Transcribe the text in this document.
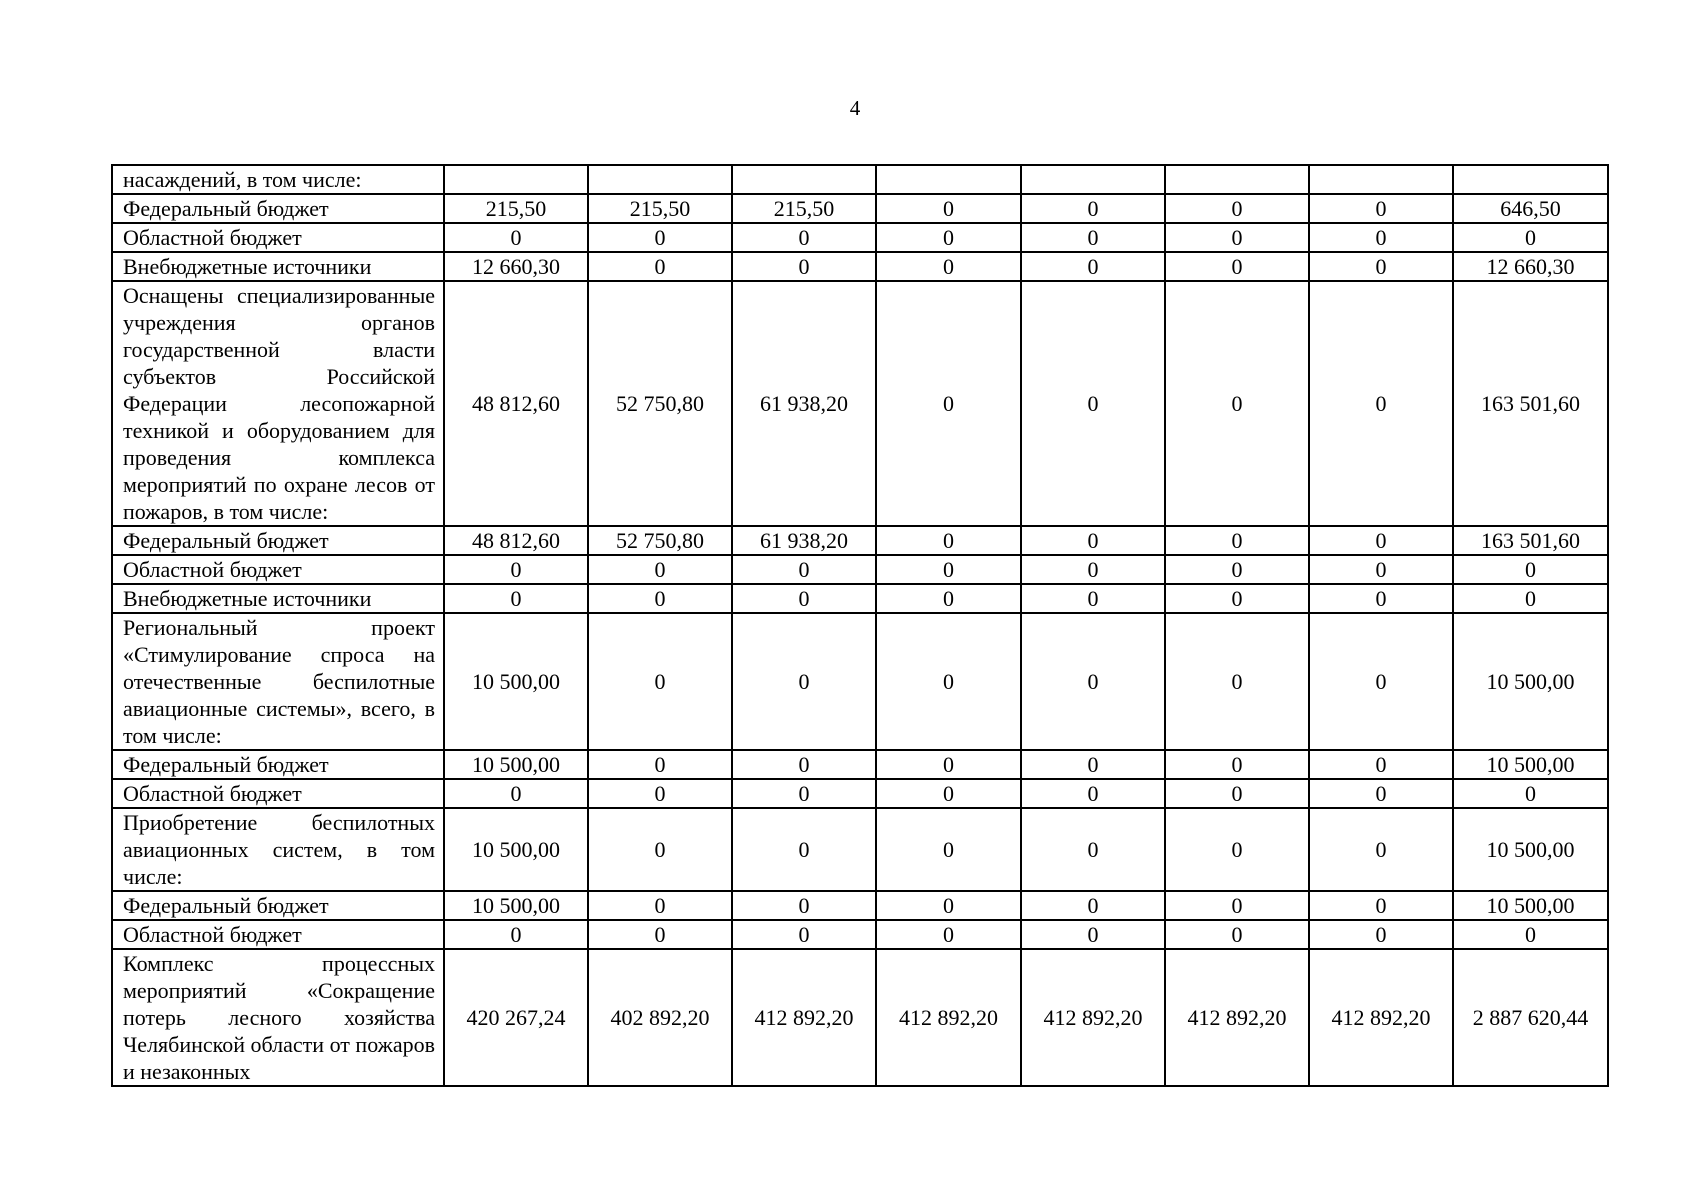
4
насаждений, в том числе:								
Федеральный бюджет	215,50	215,50	215,50	0	0	0	0	646,50
Областной бюджет	0	0	0	0	0	0	0	0
Внебюджетные источники	12 660,30	0	0	0	0	0	0	12 660,30
Оснащены специализированные учреждения органов государственной власти субъектов Российской Федерации лесопожарной техникой и оборудованием для проведения комплекса мероприятий по охране лесов от пожаров, в том числе:	48 812,60	52 750,80	61 938,20	0	0	0	0	163 501,60
Федеральный бюджет	48 812,60	52 750,80	61 938,20	0	0	0	0	163 501,60
Областной бюджет	0	0	0	0	0	0	0	0
Внебюджетные источники	0	0	0	0	0	0	0	0
Региональный проект «Стимулирование спроса на отечественные беспилотные авиационные системы», всего, в том числе:	10 500,00	0	0	0	0	0	0	10 500,00
Федеральный бюджет	10 500,00	0	0	0	0	0	0	10 500,00
Областной бюджет	0	0	0	0	0	0	0	0
Приобретение беспилотных авиационных систем, в том числе:	10 500,00	0	0	0	0	0	0	10 500,00
Федеральный бюджет	10 500,00	0	0	0	0	0	0	10 500,00
Областной бюджет	0	0	0	0	0	0	0	0
Комплекс процессных мероприятий «Сокращение потерь лесного хозяйства Челябинской области от пожаров и незаконных	420 267,24	402 892,20	412 892,20	412 892,20	412 892,20	412 892,20	412 892,20	2 887 620,44
